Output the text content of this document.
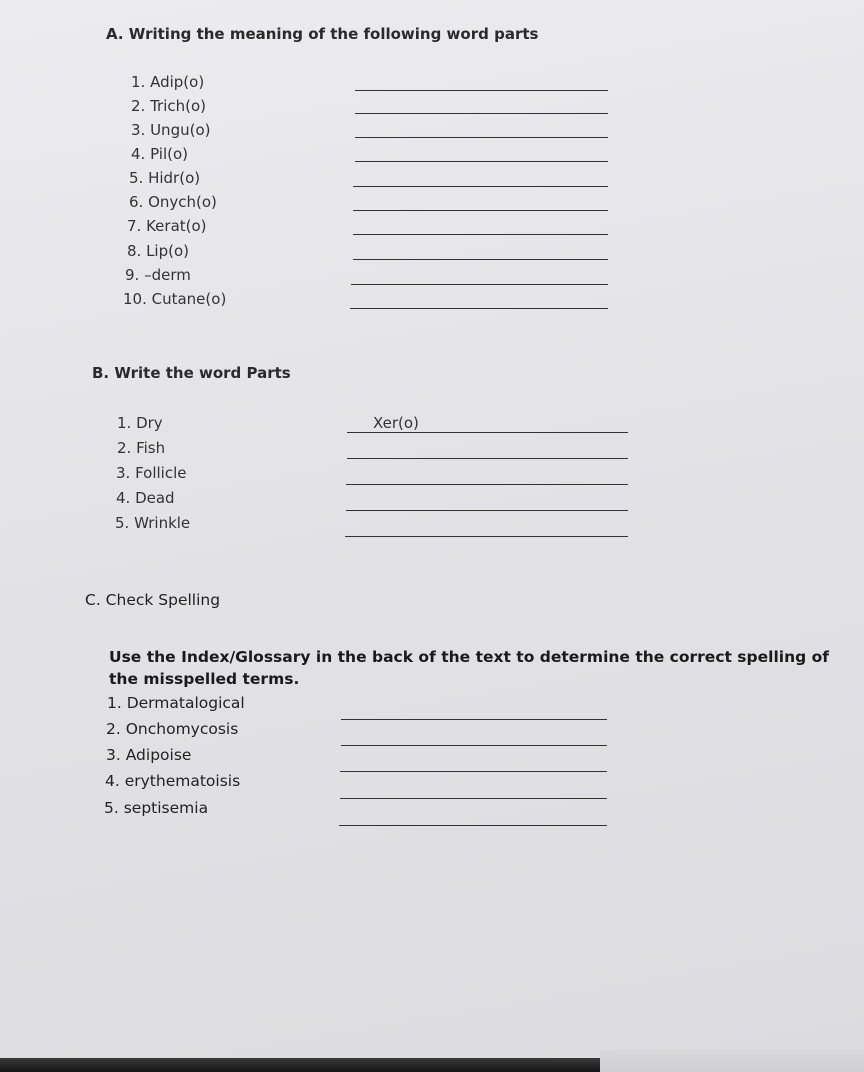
A. Writing the meaning of the following word parts
1. Adip(o)
2. Trich(o)
3. Ungu(o)
4. Pil(o)
5. Hidr(o)
6. Onych(o)
7. Kerat(o)
8. Lip(o)
9. –derm
10. Cutane(o)
B. Write the word Parts
1. Dry
2. Fish
3. Follicle
4. Dead
5. Wrinkle
Xer(o)
C. Check Spelling
Use the Index/Glossary in the back of the text to determine the correct spelling of the misspelled terms.
1. Dermatalogical
2. Onchomycosis
3. Adipoise
4. erythematoisis
5. septisemia
